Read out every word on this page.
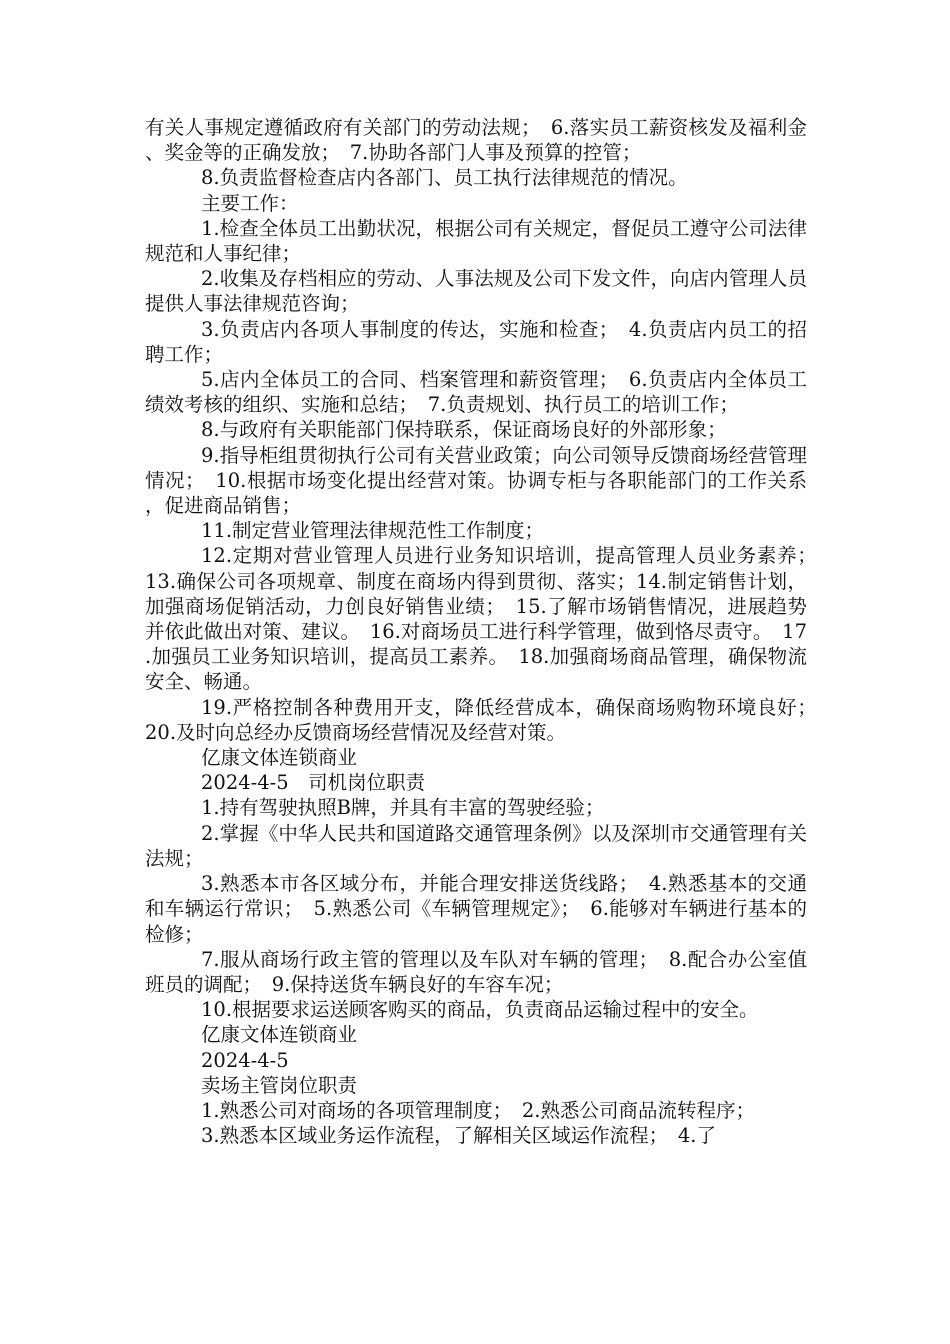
有关人事规定遵循政府有关部门的劳动法规；　6.落实员工薪资核发及福利金、奖金等的正确发放；　7.协助各部门人事及预算的控管；

8.负责监督检查店内各部门、员工执行法律规范的情况。

主要工作：

1.检查全体员工出勤状况，根据公司有关规定，督促员工遵守公司法律规范和人事纪律；

2.收集及存档相应的劳动、人事法规及公司下发文件，向店内管理人员提供人事法律规范咨询；

3.负责店内各项人事制度的传达，实施和检查；　4.负责店内员工的招聘工作；

5.店内全体员工的合同、档案管理和薪资管理；　6.负责店内全体员工绩效考核的组织、实施和总结；　7.负责规划、执行员工的培训工作；

8.与政府有关职能部门保持联系，保证商场良好的外部形象；

9.指导柜组贯彻执行公司有关营业政策；向公司领导反馈商场经营管理情况；　10.根据市场变化提出经营对策。协调专柜与各职能部门的工作关系，促进商品销售；

11.制定营业管理法律规范性工作制度；

12.定期对营业管理人员进行业务知识培训，提高管理人员业务素养；　13.确保公司各项规章、制度在商场内得到贯彻、落实；14.制定销售计划，加强商场促销活动，力创良好销售业绩；　15.了解市场销售情况，进展趋势并依此做出对策、建议。　16.对商场员工进行科学管理，做到恪尽责守。　17.加强员工业务知识培训，提高员工素养。　18.加强商场商品管理，确保物流安全、畅通。

19.严格控制各种费用开支，降低经营成本，确保商场购物环境良好；　20.及时向总经办反馈商场经营情况及经营对策。

亿康文体连锁商业

2024-4-5　司机岗位职责

1.持有驾驶执照B牌，并具有丰富的驾驶经验；

2.掌握《中华人民共和国道路交通管理条例》以及深圳市交通管理有关法规；

3.熟悉本市各区域分布，并能合理安排送货线路；　4.熟悉基本的交通和车辆运行常识；　5.熟悉公司《车辆管理规定》；　6.能够对车辆进行基本的检修；

7.服从商场行政主管的管理以及车队对车辆的管理；　8.配合办公室值班员的调配；　9.保持送货车辆良好的车容车况；

10.根据要求运送顾客购买的商品，负责商品运输过程中的安全。

亿康文体连锁商业

2024-4-5

卖场主管岗位职责

1.熟悉公司对商场的各项管理制度；　2.熟悉公司商品流转程序；

3.熟悉本区域业务运作流程，了解相关区域运作流程；　4.了
